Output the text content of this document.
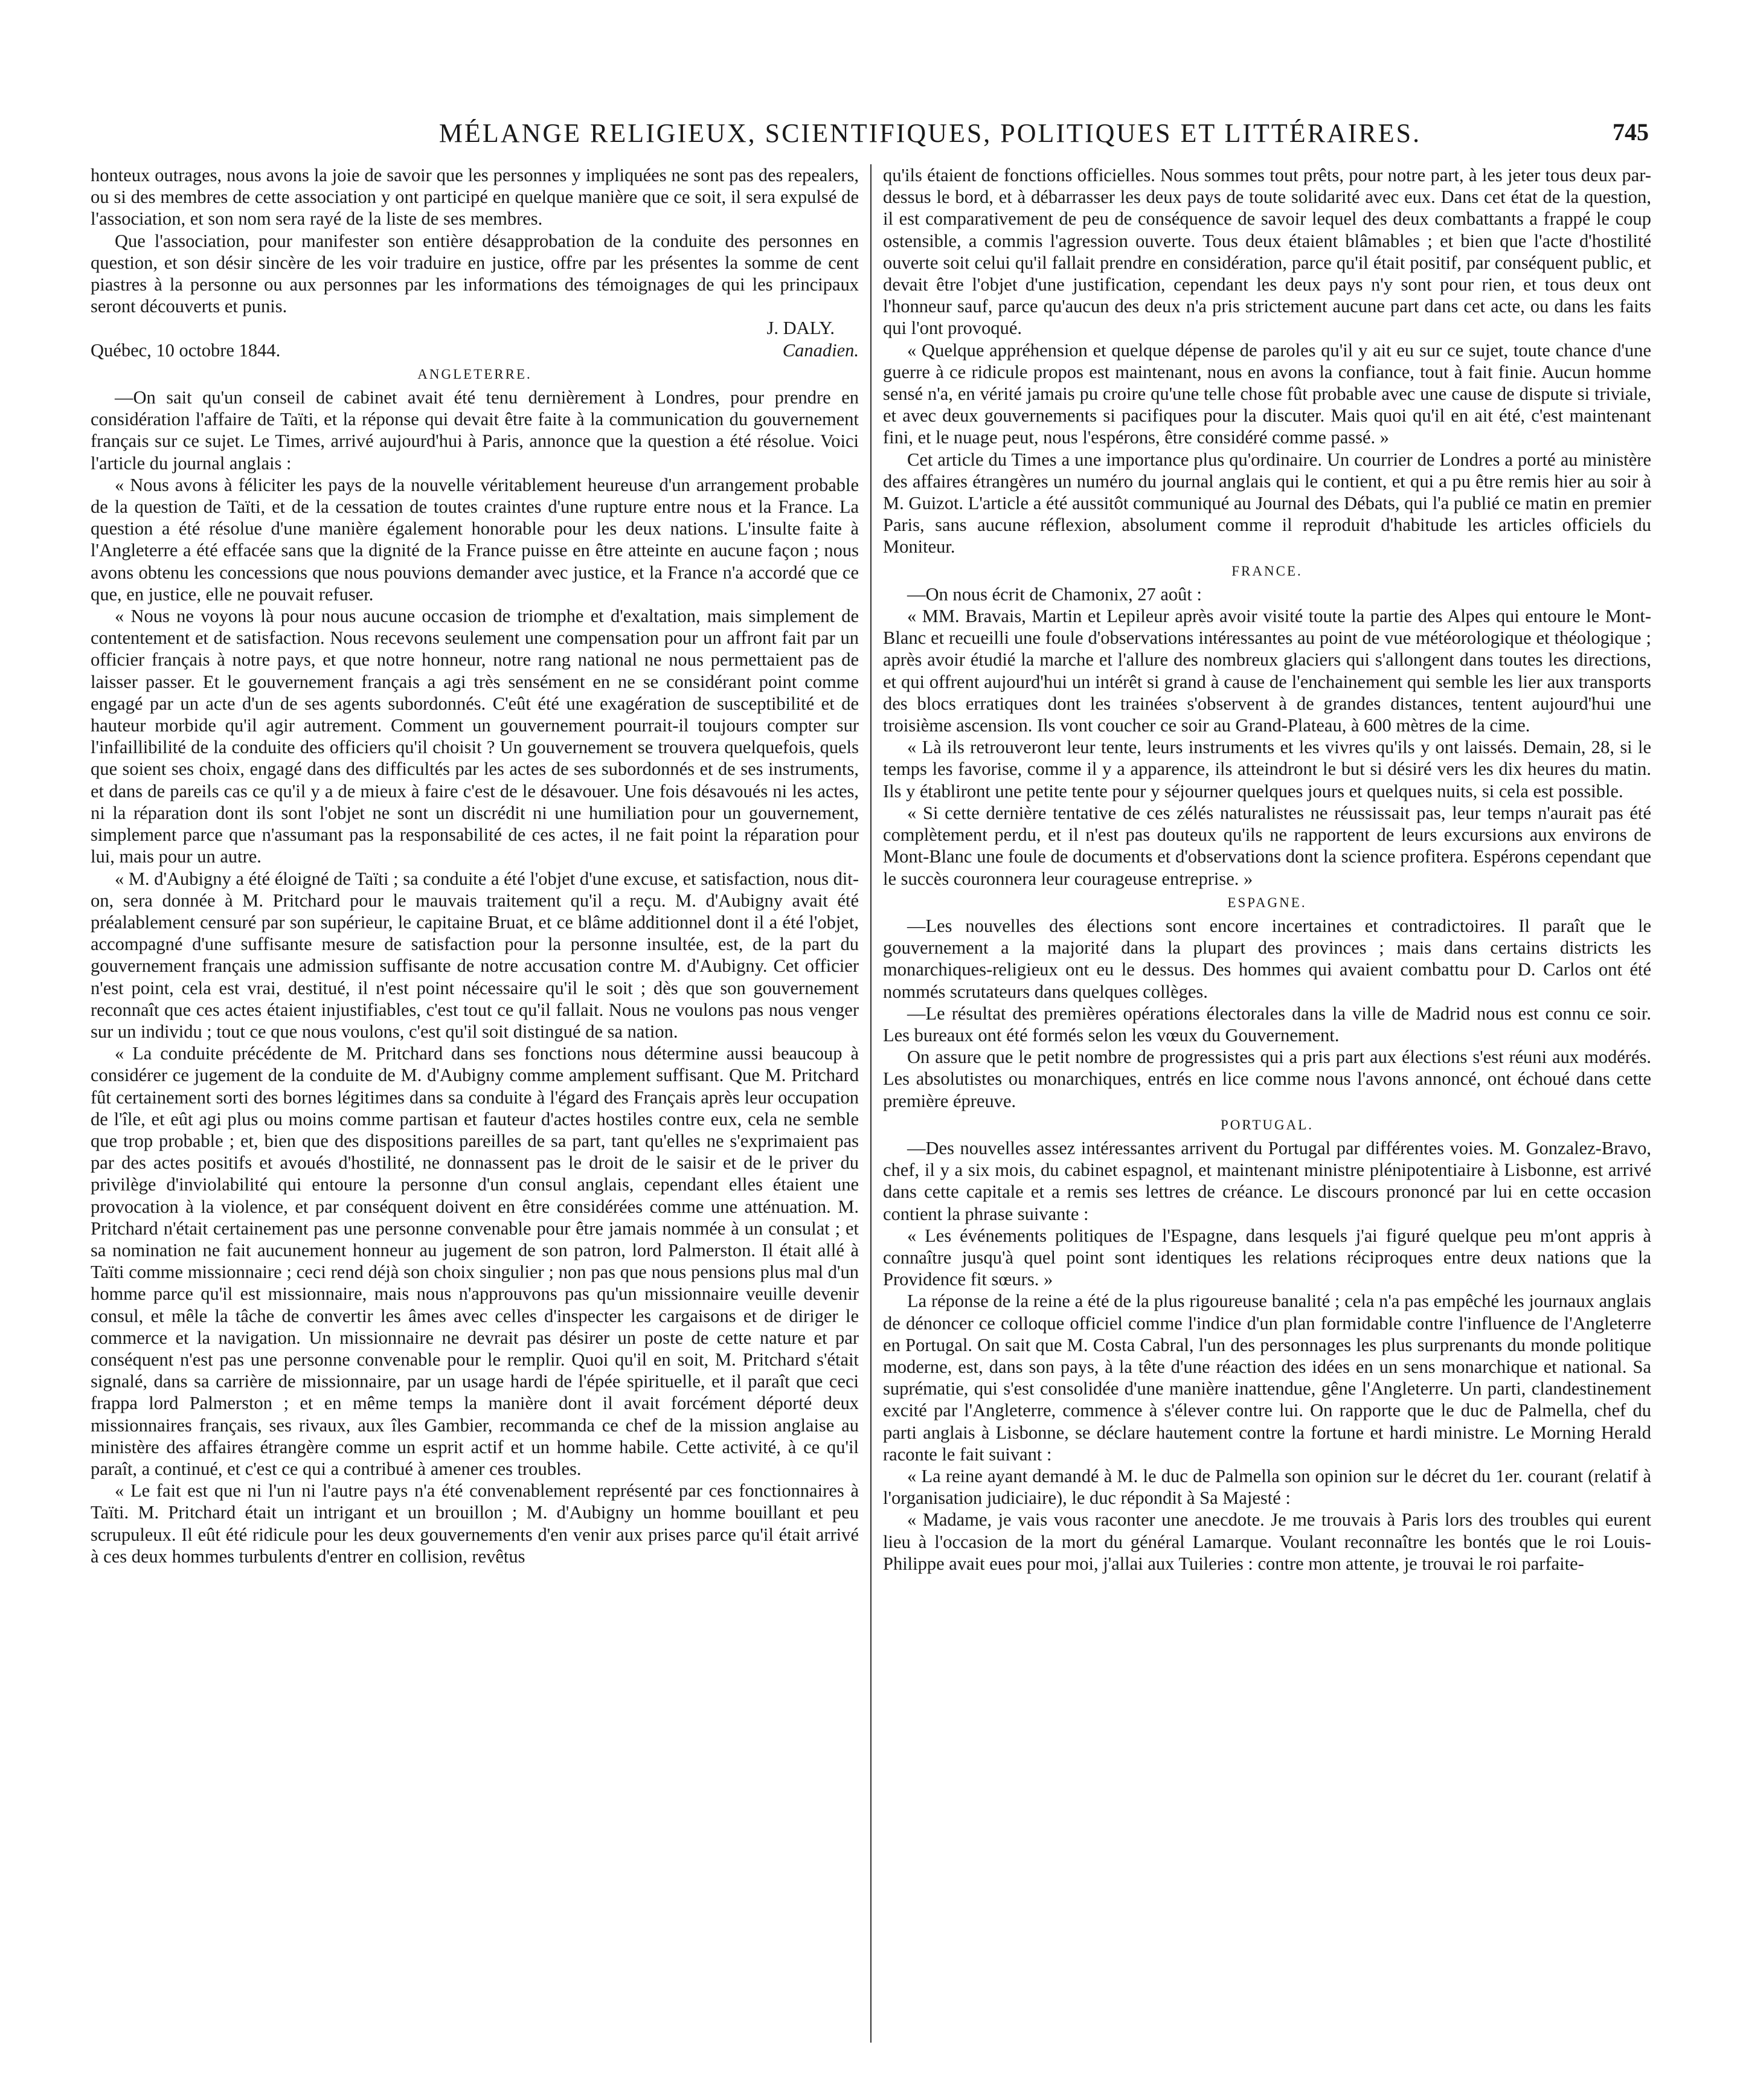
MÉLANGE RELIGIEUX, SCIENTIFIQUES, POLITIQUES ET LITTÉRAIRES.	745

honteux outrages, nous avons la joie de savoir que les personnes y impliquées ne sont pas des repealers, ou si des membres de cette association y ont participé en quelque manière que ce soit, il sera expulsé de l'association, et son nom sera rayé de la liste de ses membres.

Que l'association, pour manifester son entière désapprobation de la conduite des personnes en question, et son désir sincère de les voir traduire en justice, offre par les présentes la somme de cent piastres à la personne ou aux personnes par les informations des témoignages de qui les principaux seront découverts et punis.

J. DALY.

Québec, 10 octobre 1844.	Canadien.

ANGLETERRE.

—On sait qu'un conseil de cabinet avait été tenu dernièrement à Londres, pour prendre en considération l'affaire de Taïti, et la réponse qui devait être faite à la communication du gouvernement français sur ce sujet. Le Times, arrivé aujourd'hui à Paris, annonce que la question a été résolue. Voici l'article du journal anglais :

« Nous avons à féliciter les pays de la nouvelle véritablement heureuse d'un arrangement probable de la question de Taïti, et de la cessation de toutes craintes d'une rupture entre nous et la France. La question a été résolue d'une manière également honorable pour les deux nations. L'insulte faite à l'Angleterre a été effacée sans que la dignité de la France puisse en être atteinte en aucune façon ; nous avons obtenu les concessions que nous pouvions demander avec justice, et la France n'a accordé que ce que, en justice, elle ne pouvait refuser.

« Nous ne voyons là pour nous aucune occasion de triomphe et d'exaltation, mais simplement de contentement et de satisfaction. Nous recevons seulement une compensation pour un affront fait par un officier français à notre pays, et que notre honneur, notre rang national ne nous permettaient pas de laisser passer. Et le gouvernement français a agi très sensément en ne se considérant point comme engagé par un acte d'un de ses agents subordonnés. C'eût été une exagération de susceptibilité et de hauteur morbide qu'il agir autrement. Comment un gouvernement pourrait-il toujours compter sur l'infaillibilité de la conduite des officiers qu'il choisit ? Un gouvernement se trouvera quelquefois, quels que soient ses choix, engagé dans des difficultés par les actes de ses subordonnés et de ses instruments, et dans de pareils cas ce qu'il y a de mieux à faire c'est de le désavouer. Une fois désavoués ni les actes, ni la réparation dont ils sont l'objet ne sont un discrédit ni une humiliation pour un gouvernement, simplement parce que n'assumant pas la responsabilité de ces actes, il ne fait point la réparation pour lui, mais pour un autre.

« M. d'Aubigny a été éloigné de Taïti ; sa conduite a été l'objet d'une excuse, et satisfaction, nous dit-on, sera donnée à M. Pritchard pour le mauvais traitement qu'il a reçu. M. d'Aubigny avait été préalablement censuré par son supérieur, le capitaine Bruat, et ce blâme additionnel dont il a été l'objet, accompagné d'une suffisante mesure de satisfaction pour la personne insultée, est, de la part du gouvernement français une admission suffisante de notre accusation contre M. d'Aubigny. Cet officier n'est point, cela est vrai, destitué, il n'est point nécessaire qu'il le soit ; dès que son gouvernement reconnaît que ces actes étaient injustifiables, c'est tout ce qu'il fallait. Nous ne voulons pas nous venger sur un individu ; tout ce que nous voulons, c'est qu'il soit distingué de sa nation.

« La conduite précédente de M. Pritchard dans ses fonctions nous détermine aussi beaucoup à considérer ce jugement de la conduite de M. d'Aubigny comme amplement suffisant. Que M. Pritchard fût certainement sorti des bornes légitimes dans sa conduite à l'égard des Français après leur occupation de l'île, et eût agi plus ou moins comme partisan et fauteur d'actes hostiles contre eux, cela ne semble que trop probable ; et, bien que des dispositions pareilles de sa part, tant qu'elles ne s'exprimaient pas par des actes positifs et avoués d'hostilité, ne donnassent pas le droit de le saisir et de le priver du privilège d'inviolabilité qui entoure la personne d'un consul anglais, cependant elles étaient une provocation à la violence, et par conséquent doivent en être considérées comme une atténuation. M. Pritchard n'était certainement pas une personne convenable pour être jamais nommée à un consulat ; et sa nomination ne fait aucunement honneur au jugement de son patron, lord Palmerston. Il était allé à Taïti comme missionnaire ; ceci rend déjà son choix singulier ; non pas que nous pensions plus mal d'un homme parce qu'il est missionnaire, mais nous n'approuvons pas qu'un missionnaire veuille devenir consul, et mêle la tâche de convertir les âmes avec celles d'inspecter les cargaisons et de diriger le commerce et la navigation. Un missionnaire ne devrait pas désirer un poste de cette nature et par conséquent n'est pas une personne convenable pour le remplir. Quoi qu'il en soit, M. Pritchard s'était signalé, dans sa carrière de missionnaire, par un usage hardi de l'épée spirituelle, et il paraît que ceci frappa lord Palmerston ; et en même temps la manière dont il avait forcément déporté deux missionnaires français, ses rivaux, aux îles Gambier, recommanda ce chef de la mission anglaise au ministère des affaires étrangère comme un esprit actif et un homme habile. Cette activité, à ce qu'il paraît, a continué, et c'est ce qui a contribué à amener ces troubles.

« Le fait est que ni l'un ni l'autre pays n'a été convenablement représenté par ces fonctionnaires à Taïti. M. Pritchard était un intrigant et un brouillon ; M. d'Aubigny un homme bouillant et peu scrupuleux. Il eût été ridicule pour les deux gouvernements d'en venir aux prises parce qu'il était arrivé à ces deux hommes turbulents d'entrer en collision, revêtus

qu'ils étaient de fonctions officielles. Nous sommes tout prêts, pour notre part, à les jeter tous deux par-dessus le bord, et à débarrasser les deux pays de toute solidarité avec eux. Dans cet état de la question, il est comparativement de peu de conséquence de savoir lequel des deux combattants a frappé le coup ostensible, a commis l'agression ouverte. Tous deux étaient blâmables ; et bien que l'acte d'hostilité ouverte soit celui qu'il fallait prendre en considération, parce qu'il était positif, par conséquent public, et devait être l'objet d'une justification, cependant les deux pays n'y sont pour rien, et tous deux ont l'honneur sauf, parce qu'aucun des deux n'a pris strictement aucune part dans cet acte, ou dans les faits qui l'ont provoqué.

« Quelque appréhension et quelque dépense de paroles qu'il y ait eu sur ce sujet, toute chance d'une guerre à ce ridicule propos est maintenant, nous en avons la confiance, tout à fait finie. Aucun homme sensé n'a, en vérité jamais pu croire qu'une telle chose fût probable avec une cause de dispute si triviale, et avec deux gouvernements si pacifiques pour la discuter. Mais quoi qu'il en ait été, c'est maintenant fini, et le nuage peut, nous l'espérons, être considéré comme passé. »

Cet article du Times a une importance plus qu'ordinaire. Un courrier de Londres a porté au ministère des affaires étrangères un numéro du journal anglais qui le contient, et qui a pu être remis hier au soir à M. Guizot. L'article a été aussitôt communiqué au Journal des Débats, qui l'a publié ce matin en premier Paris, sans aucune réflexion, absolument comme il reproduit d'habitude les articles officiels du Moniteur.

FRANCE.

—On nous écrit de Chamonix, 27 août :

« MM. Bravais, Martin et Lepileur après avoir visité toute la partie des Alpes qui entoure le Mont-Blanc et recueilli une foule d'observations intéressantes au point de vue météorologique et théologique ; après avoir étudié la marche et l'allure des nombreux glaciers qui s'allongent dans toutes les directions, et qui offrent aujourd'hui un intérêt si grand à cause de l'enchainement qui semble les lier aux transports des blocs erratiques dont les trainées s'observent à de grandes distances, tentent aujourd'hui une troisième ascension. Ils vont coucher ce soir au Grand-Plateau, à 600 mètres de la cime.

« Là ils retrouveront leur tente, leurs instruments et les vivres qu'ils y ont laissés. Demain, 28, si le temps les favorise, comme il y a apparence, ils atteindront le but si désiré vers les dix heures du matin. Ils y établiront une petite tente pour y séjourner quelques jours et quelques nuits, si cela est possible.

« Si cette dernière tentative de ces zélés naturalistes ne réussissait pas, leur temps n'aurait pas été complètement perdu, et il n'est pas douteux qu'ils ne rapportent de leurs excursions aux environs de Mont-Blanc une foule de documents et d'observations dont la science profitera. Espérons cependant que le succès couronnera leur courageuse entreprise. »

ESPAGNE.

—Les nouvelles des élections sont encore incertaines et contradictoires. Il paraît que le gouvernement a la majorité dans la plupart des provinces ; mais dans certains districts les monarchiques-religieux ont eu le dessus. Des hommes qui avaient combattu pour D. Carlos ont été nommés scrutateurs dans quelques collèges.

—Le résultat des premières opérations électorales dans la ville de Madrid nous est connu ce soir. Les bureaux ont été formés selon les vœux du Gouvernement.

On assure que le petit nombre de progressistes qui a pris part aux élections s'est réuni aux modérés. Les absolutistes ou monarchiques, entrés en lice comme nous l'avons annoncé, ont échoué dans cette première épreuve.

PORTUGAL.

—Des nouvelles assez intéressantes arrivent du Portugal par différentes voies. M. Gonzalez-Bravo, chef, il y a six mois, du cabinet espagnol, et maintenant ministre plénipotentiaire à Lisbonne, est arrivé dans cette capitale et a remis ses lettres de créance. Le discours prononcé par lui en cette occasion contient la phrase suivante :

« Les événements politiques de l'Espagne, dans lesquels j'ai figuré quelque peu m'ont appris à connaître jusqu'à quel point sont identiques les relations réciproques entre deux nations que la Providence fit sœurs. »

La réponse de la reine a été de la plus rigoureuse banalité ; cela n'a pas empêché les journaux anglais de dénoncer ce colloque officiel comme l'indice d'un plan formidable contre l'influence de l'Angleterre en Portugal. On sait que M. Costa Cabral, l'un des personnages les plus surprenants du monde politique moderne, est, dans son pays, à la tête d'une réaction des idées en un sens monarchique et national. Sa suprématie, qui s'est consolidée d'une manière inattendue, gêne l'Angleterre. Un parti, clandestinement excité par l'Angleterre, commence à s'élever contre lui. On rapporte que le duc de Palmella, chef du parti anglais à Lisbonne, se déclare hautement contre la fortune et hardi ministre. Le Morning Herald raconte le fait suivant :

« La reine ayant demandé à M. le duc de Palmella son opinion sur le décret du 1er. courant (relatif à l'organisation judiciaire), le duc répondit à Sa Majesté :

« Madame, je vais vous raconter une anecdote. Je me trouvais à Paris lors des troubles qui eurent lieu à l'occasion de la mort du général Lamarque. Voulant reconnaître les bontés que le roi Louis-Philippe avait eues pour moi, j'allai aux Tuileries : contre mon attente, je trouvai le roi parfaite-
